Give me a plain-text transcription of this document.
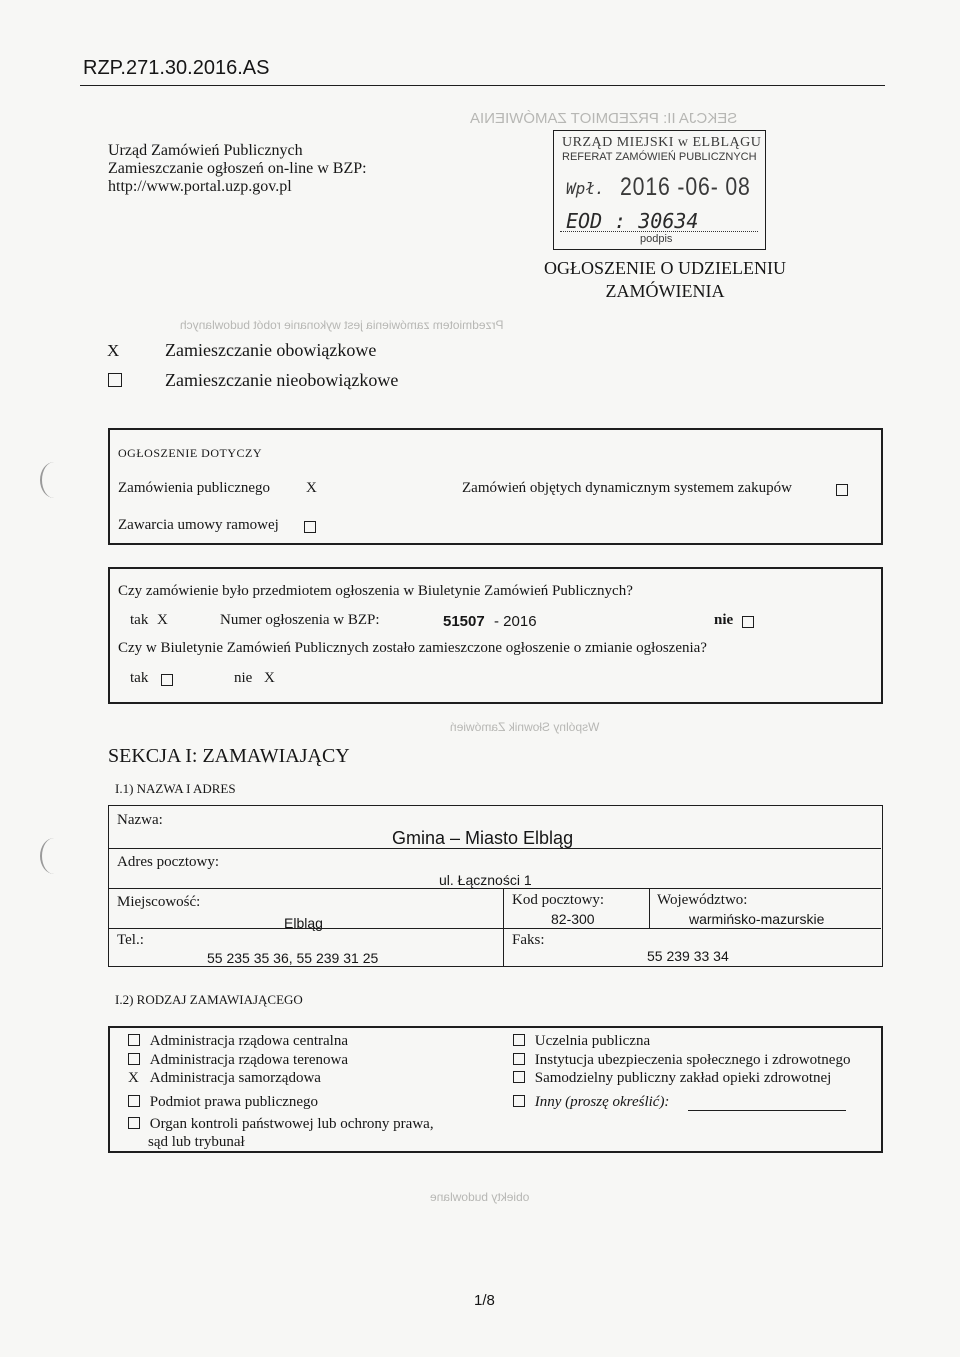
SEKCJA II: PRZEDMIOT ZAMÓWIENIA
Przedmiotem zamówienia jest wykonanie robót budowlanych
Wspólny Słownik Zamówień
obiekty budowlane
RZP.271.30.2016.AS
Urząd Zamówień Publicznych
Zamieszczanie ogłoszeń on-line w BZP:
http://www.portal.uzp.gov.pl
URZĄD MIEJSKI w ELBLĄGU
REFERAT ZAMÓWIEŃ PUBLICZNYCH
Wpł. 2016 -06- 08
EOD : 30634
podpis
OGŁOSZENIE O UDZIELENIU
ZAMÓWIENIA
X	Zamieszczanie obowiązkowe
Zamieszczanie nieobowiązkowe
OGŁOSZENIE DOTYCZY
Zamówienia publicznego X	Zamówień objętych dynamicznym systemem zakupów
Zawarcia umowy ramowej
Czy zamówienie było przedmiotem ogłoszenia w Biuletynie Zamówień Publicznych?
tak X	Numer ogłoszenia w BZP:	51507 - 2016	nie
Czy w Biuletynie Zamówień Publicznych zostało zamieszczone ogłoszenie o zmianie ogłoszenia?
tak	nie X
SEKCJA I: ZAMAWIAJĄCY
I.1) NAZWA I ADRES
Nazwa:
Gmina – Miasto Elbląg
Adres pocztowy:
ul. Łączności 1
Miejscowość:
Elbląg
Kod pocztowy:
82-300
Województwo:
warmińsko-mazurskie
Tel.:
55 235 35 36, 55 239 31 25
Faks:
55 239 33 34
I.2) RODZAJ ZAMAWIAJĄCEGO
Administracja rządowa centralna
Administracja rządowa terenowa
X Administracja samorządowa
Podmiot prawa publicznego
Organ kontroli państwowej lub ochrony prawa,
sąd lub trybunał
Uczelnia publiczna
Instytucja ubezpieczenia społecznego i zdrowotnego
Samodzielny publiczny zakład opieki zdrowotnej
Inny (proszę określić):
1/8
